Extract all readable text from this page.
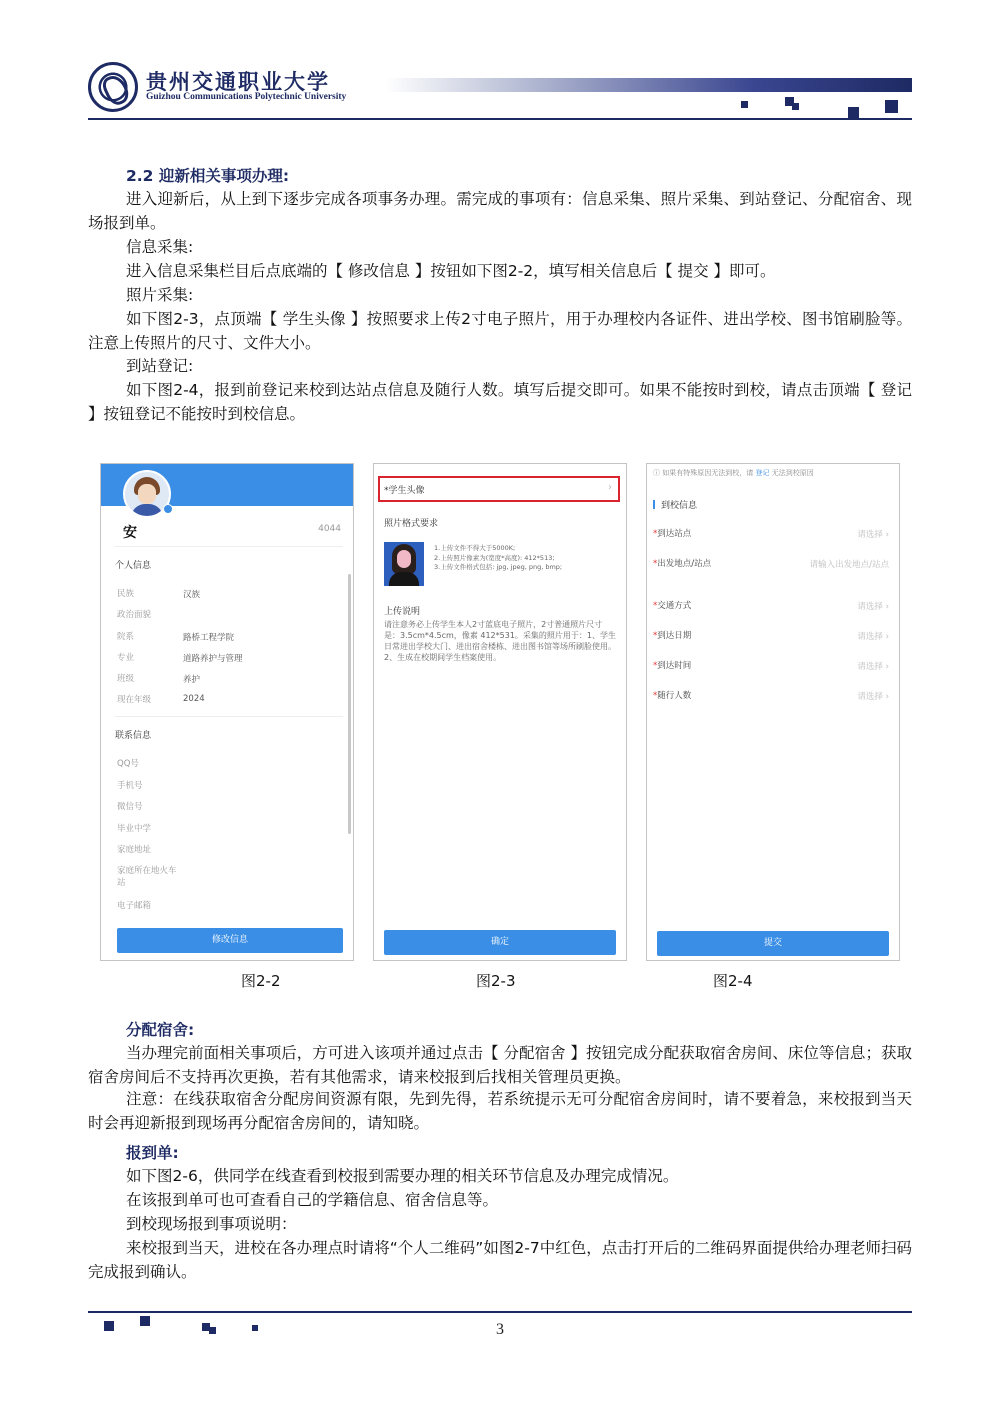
贵州交通职业大学
Guizhou Communications Polytechnic University
2.2 迎新相关事项办理:
进入迎新后，从上到下逐步完成各项事务办理。需完成的事项有：信息采集、照片采集、到站登记、分配宿舍、现场报到单。
信息采集:
进入信息采集栏目后点底端的【 修改信息 】按钮如下图2-2，填写相关信息后【 提交 】即可。
照片采集:
如下图2-3，点顶端【 学生头像 】按照要求上传2寸电子照片，用于办理校内各证件、进出学校、图书馆刷脸等。 注意上传照片的尺寸、文件大小。
到站登记:
如下图2-4，报到前登记来校到达站点信息及随行人数。填写后提交即可。如果不能按时到校，请点击顶端【 登记 】按钮登记不能按时到校信息。
安	4044
个人信息
民族	汉族
政治面貌
院系	路桥工程学院
专业	道路养护与管理
班级	养护
现在年级	2024
联系信息
QQ号
手机号
微信号
毕业中学
家庭地址
家庭所在地火车站
电子邮箱
修改信息
图2-2
*学生头像	›
照片格式要求
1.上传文件不得大于5000K;
2.上传照片像素为(宽度*高度): 412*513;
3.上传文件格式包括: jpg, jpeg, png, bmp;
上传说明
请注意务必上传学生本人2寸蓝底电子照片，2寸普通照片尺寸是：3.5cm*4.5cm，像素 412*531。采集的照片用于：1、学生日常进出学校大门、进出宿舍楼栋、进出图书馆等场所刷脸使用。2、生成在校期间学生档案使用。
确定
图2-3
ⓘ 如果有特殊原因无法到校，请 登记 无法到校原因
到校信息
*到达站点	请选择 ›
*出发地点/站点	请输入出发地点/站点
*交通方式	请选择 ›
*到达日期	请选择 ›
*到达时间	请选择 ›
*随行人数	请选择 ›
提交
图2-4
分配宿舍:
当办理完前面相关事项后，方可进入该项并通过点击【 分配宿舍 】按钮完成分配获取宿舍房间、床位等信息；获取宿舍房间后不支持再次更换，若有其他需求，请来校报到后找相关管理员更换。
注意：在线获取宿舍分配房间资源有限，先到先得，若系统提示无可分配宿舍房间时，请不要着急，来校报到当天时会再迎新报到现场再分配宿舍房间的，请知晓。
报到单:
如下图2-6，供同学在线查看到校报到需要办理的相关环节信息及办理完成情况。
在该报到单可也可查看自己的学籍信息、宿舍信息等。
到校现场报到事项说明：
来校报到当天，进校在各办理点时请将“个人二维码”如图2-7中红色，点击打开后的二维码界面提供给办理老师扫码完成报到确认。
3
